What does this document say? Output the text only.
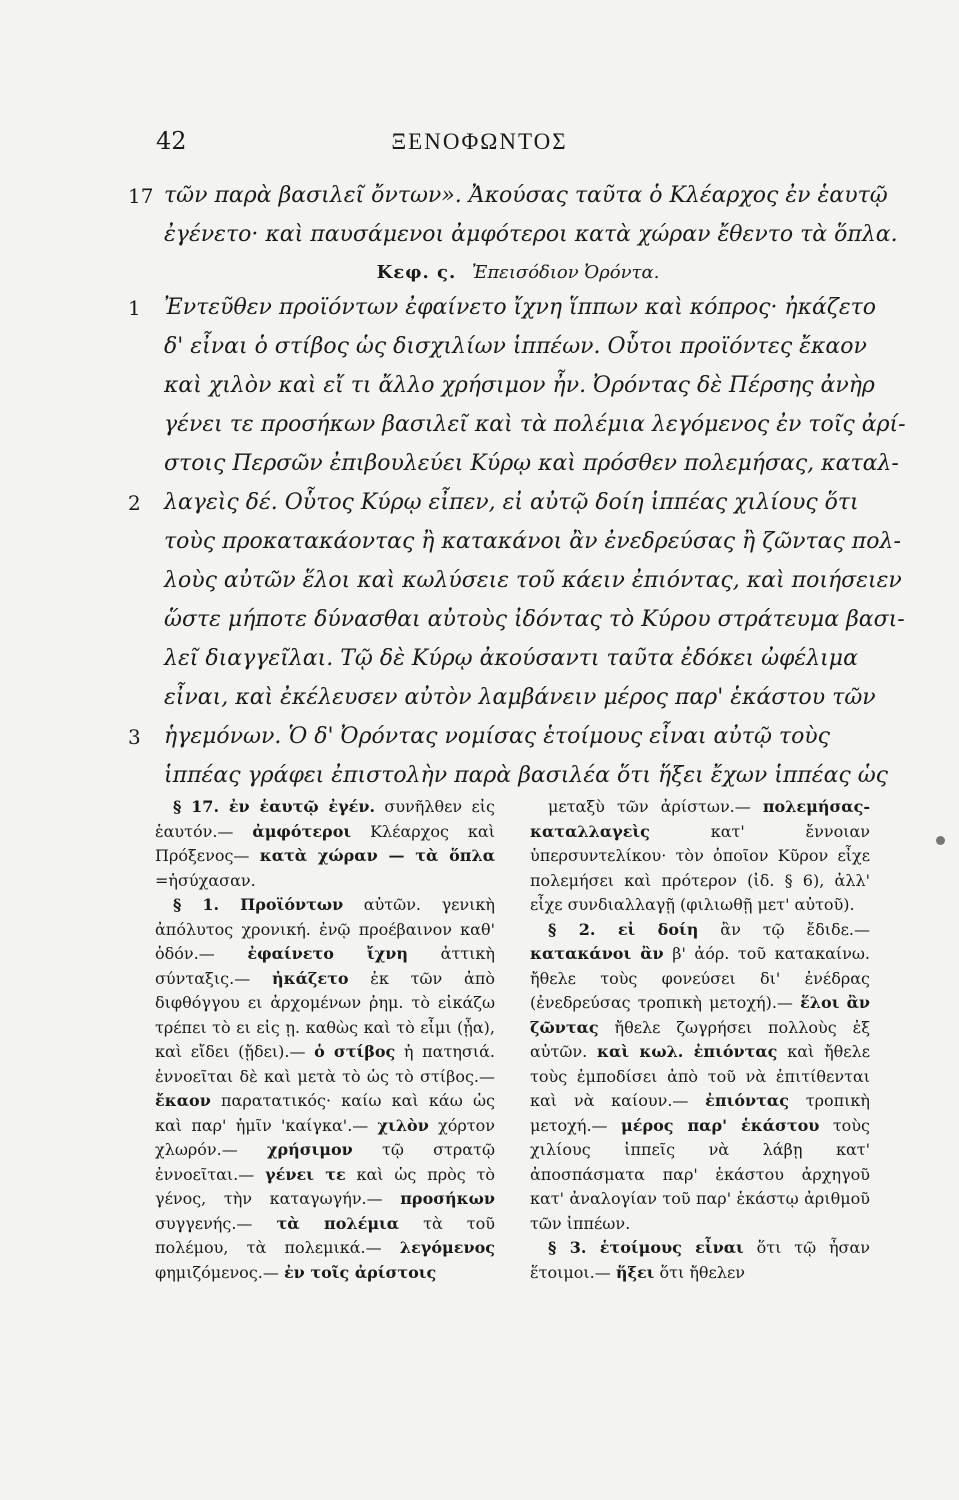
42	ΞΕΝΟΦΩΝΤΟΣ
17 τῶν παρὰ βασιλεῖ ὄντων». Ἀκούσας ταῦτα ὁ Κλέαρχος ἐν ἑαυτῷ
ἐγένετο· καὶ παυσάμενοι ἀμφότεροι κατὰ χώραν ἔθεντο τὰ ὅπλα.
Κεφ. ς. Ἐπεισόδιον Ὀρόντα.
1	Ἐντεῦθεν προϊόντων ἐφαίνετο ἴχνη ἵππων καὶ κόπρος· ἠκάζετο
δ' εἶναι ὁ στίβος ὡς δισχιλίων ἱππέων. Οὗτοι προϊόντες ἔκαον
καὶ χιλὸν καὶ εἴ τι ἄλλο χρήσιμον ἦν. Ὀρόντας δὲ Πέρσης ἀνὴρ
γένει τε προσήκων βασιλεῖ καὶ τὰ πολέμια λεγόμενος ἐν τοῖς ἀρί-
στοις Περσῶν ἐπιβουλεύει Κύρῳ καὶ πρόσθεν πολεμήσας, καταλ-
2	λαγεὶς δέ. Οὗτος Κύρῳ εἶπεν, εἰ αὐτῷ δοίη ἱππέας χιλίους ὅτι
τοὺς προκατακάοντας ἢ κατακάνοι ἂν ἐνεδρεύσας ἢ ζῶντας πολ-
λοὺς αὐτῶν ἕλοι καὶ κωλύσειε τοῦ κάειν ἐπιόντας, καὶ ποιήσειεν
ὥστε μήποτε δύνασθαι αὐτοὺς ἰδόντας τὸ Κύρου στράτευμα βασι-
λεῖ διαγγεῖλαι. Τῷ δὲ Κύρῳ ἀκούσαντι ταῦτα ἐδόκει ὠφέλιμα
εἶναι, καὶ ἐκέλευσεν αὐτὸν λαμβάνειν μέρος παρ' ἑκάστου τῶν
3	ἡγεμόνων. Ὁ δ' Ὀρόντας νομίσας ἑτοίμους εἶναι αὐτῷ τοὺς
ἱππέας γράφει ἐπιστολὴν παρὰ βασιλέα ὅτι ἥξει ἔχων ἱππέας ὡς

§ 17. ἐν ἑαυτῷ ἐγέν. συνῆλθεν εἰς ἑαυτόν.— ἀμφότεροι Κλέαρχος καὶ Πρόξενος— κατὰ χώραν — τὰ ὅπλα =ἡσύχασαν.

§ 1. Προϊόντων αὐτῶν. γενικὴ ἀπόλυτος χρονική. ἐνῷ προέβαινον καθ' ὁδόν.— ἐφαίνετο ἴχνη ἀττικὴ σύνταξις.— ἠκάζετο ἐκ τῶν ἀπὸ διφθόγγου ει ἀρχομένων ῥημ. τὸ εἰκάζω τρέπει τὸ ει εἰς ῃ. καθὼς καὶ τὸ εἶμι (ᾖα), καὶ εἴδει (ᾔδει).— ὁ στίβος ἡ πατησιά. ἐννοεῖται δὲ καὶ μετὰ τὸ ὡς τὸ στίβος.— ἔκαον παρατατικός· καίω καὶ κάω ὡς καὶ παρ' ἡμῖν 'καίγκα'.— χιλὸν χόρτον χλωρόν.— χρήσιμον τῷ στρατῷ ἐννοεῖται.— γένει τε καὶ ὡς πρὸς τὸ γένος, τὴν καταγωγήν.— προσήκων συγγενής.— τὰ πολέμια τὰ τοῦ πολέμου, τὰ πολεμικά.— λεγόμενος φημιζόμενος.— ἐν τοῖς ἀρίστοις

μεταξὺ τῶν ἀρίστων.— πολεμήσας-καταλλαγεὶς κατ' ἔννοιαν ὑπερσυντελίκου· τὸν ὁποῖον Κῦρον εἶχε πολεμήσει καὶ πρότερον (ἰδ. § 6), ἀλλ' εἶχε συνδιαλλαγῇ (φιλιωθῇ μετ' αὐτοῦ).

§ 2. εἰ δοίη ἂν τῷ ἔδιδε.— κατακάνοι ἂν β' ἀόρ. τοῦ κατακαίνω. ἤθελε τοὺς φονεύσει δι' ἐνέδρας (ἐνεδρεύσας τροπικὴ μετοχή).— ἕλοι ἂν ζῶντας ἤθελε ζωγρήσει πολλοὺς ἐξ αὐτῶν. καὶ κωλ. ἐπιόντας καὶ ἤθελε τοὺς ἐμποδίσει ἀπὸ τοῦ νὰ ἐπιτίθενται καὶ νὰ καίουν.— ἐπιόντας τροπικὴ μετοχή.— μέρος παρ' ἑκάστου τοὺς χιλίους ἱππεῖς νὰ λάβῃ κατ' ἀποσπάσματα παρ' ἑκάστου ἀρχηγοῦ κατ' ἀναλογίαν τοῦ παρ' ἑκάστῳ ἀριθμοῦ τῶν ἱππέων.

§ 3. ἑτοίμους εἶναι ὅτι τῷ ἦσαν ἕτοιμοι.— ἥξει ὅτι ἤθελεν
